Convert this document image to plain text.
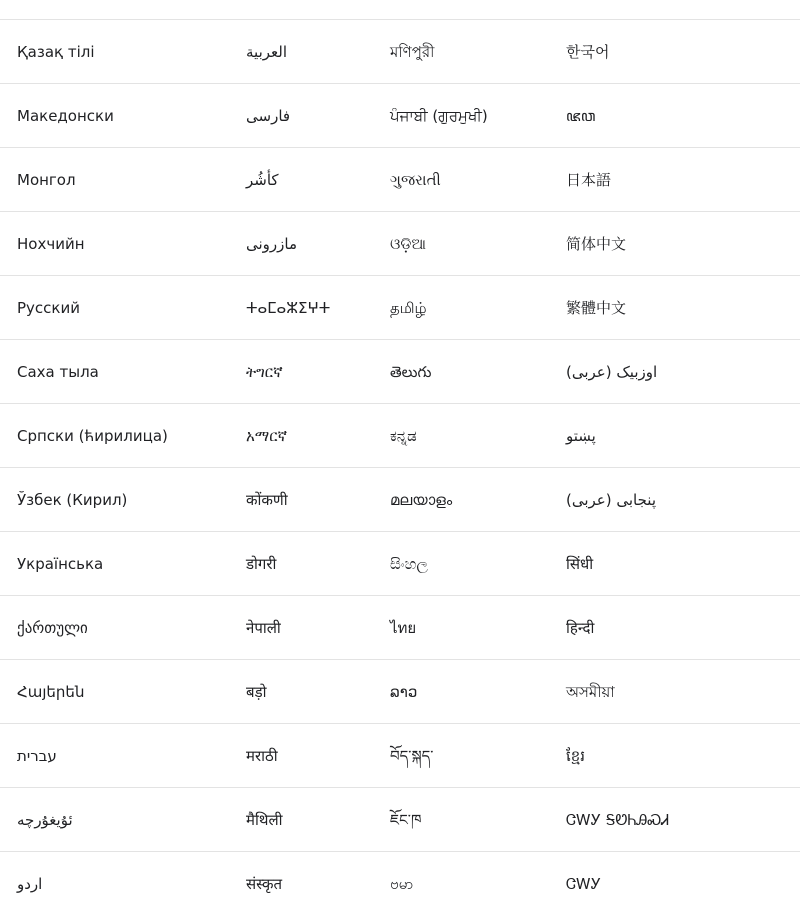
Қазақ тілі	العربية	মণিপুরী	한국어
Македонски	فارسی	ਪੰਜਾਬੀ (ਗੁਰਮੁਖੀ)	ꦗꦮ
Монгол	کأشُر	ગુજરાતી	日本語
Нохчийн	مازرونی	ଓଡ଼ିଆ	简体中文
Русский	ⵜⴰⵎⴰⵣⵉⵖⵜ	தமிழ்	繁體中文
Саха тыла	ትግርኛ	తెలుగు	اوزبیک (عربی)
Српски (ћирилица)	አማርኛ	ಕನ್ನಡ	پښتو
Ўзбек (Кирил)	कोंकणी	മലയാളം	پنجابی (عربی)
Українська	डोगरी	සිංහල	सिंधी
ქართული	नेपाली	ไทย	हिन्दी
Հայերեն	बड़ो	ລາວ	অসমীয়া
עברית	मराठी	བོད་སྐད་	ខ្មែរ
ئۇيغۇرچە	मैथिली	ཇོང་ཁ	ᏣᎳᎩ ᎦᏬᏂᎯᏍᏗ
اردو	संस्कृत	ဗမာ	ᏣᎳᎩ
